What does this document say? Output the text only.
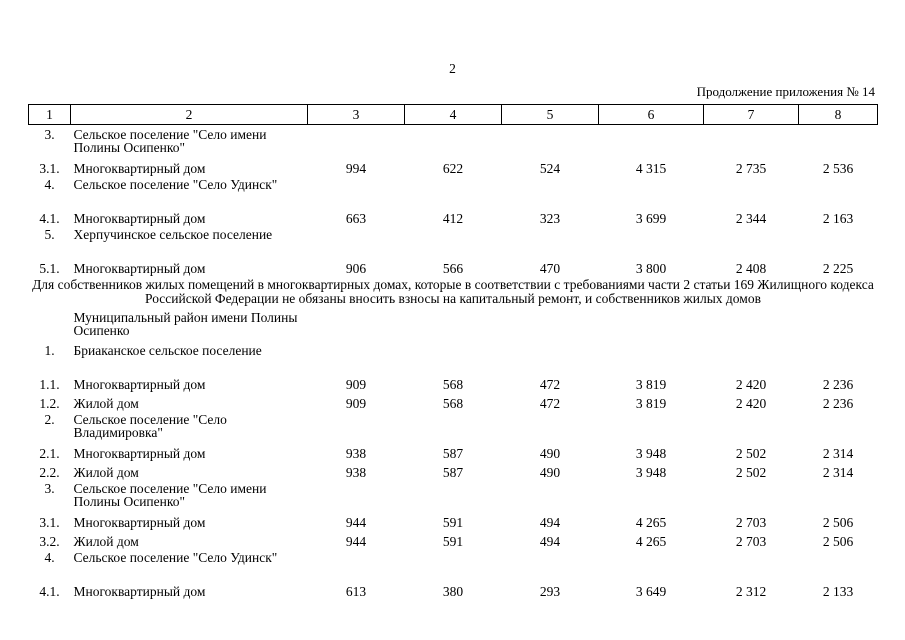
2
Продолжение приложения № 14
1	2	3	4	5	6	7	8
3.	Сельское поселение "Село имени Полины Осипенко"						
3.1.	Многоквартирный дом	994	622	524	4 315	2 735	2 536
4.	Сельское поселение "Село Удинск"						
4.1.	Многоквартирный дом	663	412	323	3 699	2 344	2 163
5.	Херпучинское сельское поселение						
5.1.	Многоквартирный дом	906	566	470	3 800	2 408	2 225
Для собственников жилых помещений в многоквартирных домах, которые в соответствии с требованиями части 2 статьи 169 Жилищного кодекса Российской Федерации не обязаны вносить взносы на капитальный ремонт, и собственников жилых домов							
	Муниципальный район имени Полины Осипенко						
1.	Бриаканское сельское поселение						
1.1.	Многоквартирный дом	909	568	472	3 819	2 420	2 236
1.2.	Жилой дом	909	568	472	3 819	2 420	2 236
2.	Сельское поселение "Село Владимировка"						
2.1.	Многоквартирный дом	938	587	490	3 948	2 502	2 314
2.2.	Жилой дом	938	587	490	3 948	2 502	2 314
3.	Сельское поселение "Село имени Полины Осипенко"						
3.1.	Многоквартирный дом	944	591	494	4 265	2 703	2 506
3.2.	Жилой дом	944	591	494	4 265	2 703	2 506
4.	Сельское поселение "Село Удинск"						
4.1.	Многоквартирный дом	613	380	293	3 649	2 312	2 133
